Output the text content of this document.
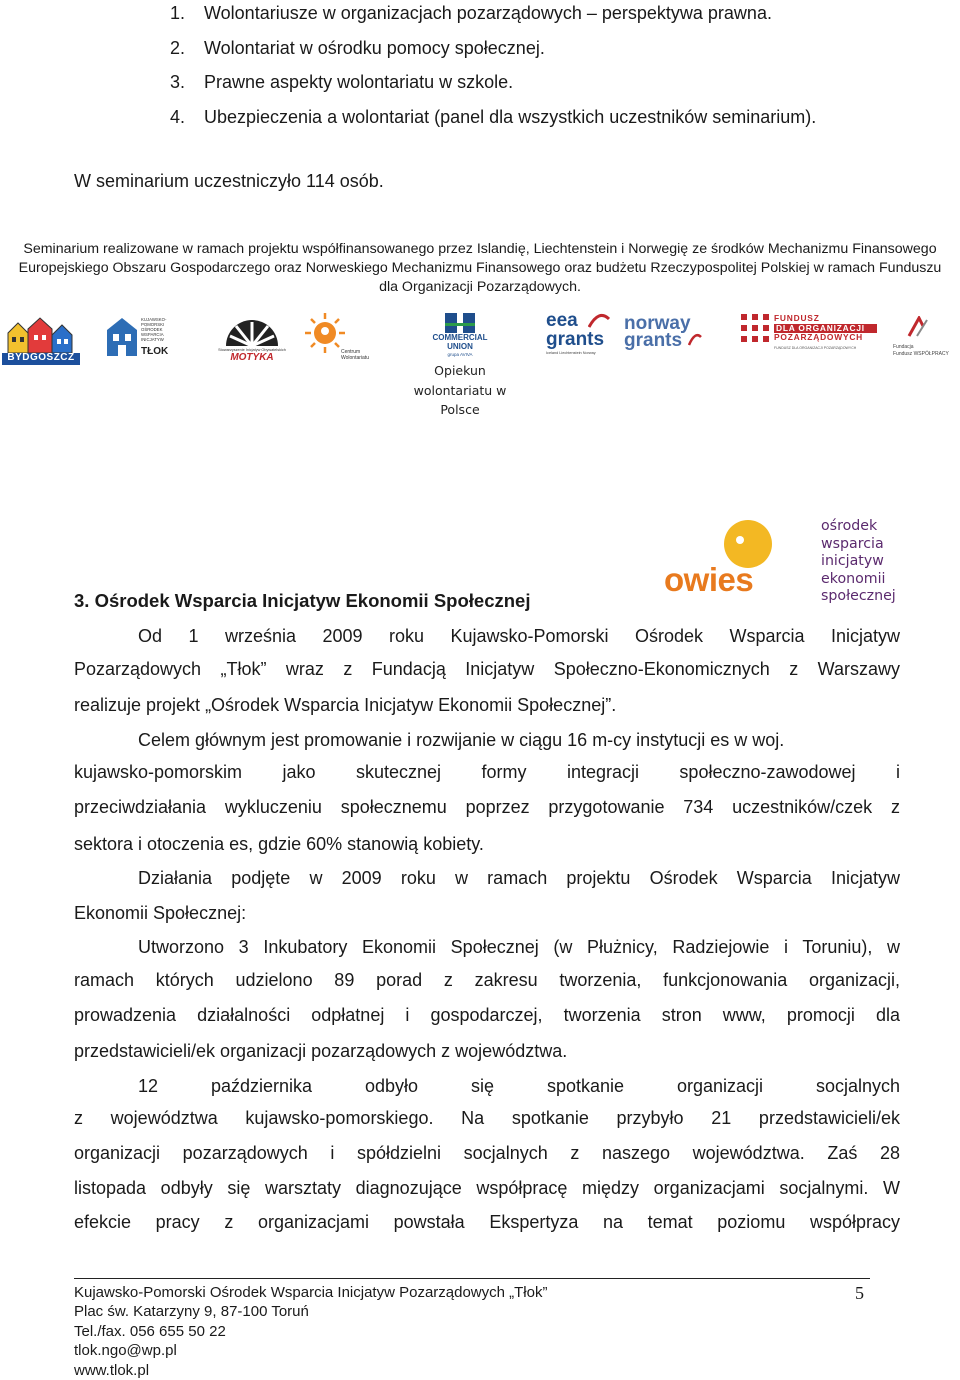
1. Wolontariusze w organizacjach pozarządowych – perspektywa prawna.
2. Wolontariat w ośrodku pomocy społecznej.
3. Prawne aspekty wolontariatu w szkole.
4. Ubezpieczenia a wolontariat (panel dla wszystkich uczestników seminarium).
W seminarium uczestniczyło 114 osób.
Seminarium realizowane w ramach projektu współfinansowanego przez Islandię, Liechtenstein i Norwegię ze środków Mechanizmu Finansowego
Europejskiego Obszaru Gospodarczego oraz Norweskiego Mechanizmu Finansowego oraz budżetu Rzeczypospolitej Polskiej w ramach Funduszu
dla Organizacji Pozarządowych.
BYDGOSZCZ
KUJAWSKO-
POMORSKI
OŚRODEK
WSPARCIA
INICJATYW
TŁOK	Stowarzyszenie Inicjatyw Obywatelskich
MOTYKA	Centrum
Wolontariatu
COMMERCIAL
UNION
grupa AVIVA
Opiekun
wolontariatu w
Polsce
eea
grants
Iceland Liechtenstein Norway
norway
grants
FUNDUSZ
DLA ORGANIZACJI
POZARZĄDOWYCH
FUNDUSZ DLA ORGANIZACJI POZARZĄDOWYCH	Fundacja
Fundusz WSPÓŁPRACY
owies
ośrodek
wsparcia
inicjatyw
ekonomii
społecznej
3. Ośrodek Wsparcia Inicjatyw Ekonomii Społecznej
Od 1 września 2009 roku Kujawsko-Pomorski Ośrodek Wsparcia Inicjatyw
Pozarządowych „Tłok” wraz z Fundacją Inicjatyw Społeczno-Ekonomicznych z Warszawy
realizuje projekt „Ośrodek Wsparcia Inicjatyw Ekonomii Społecznej”.
Celem głównym jest promowanie i rozwijanie w ciągu 16 m-cy instytucji es w woj.
kujawsko-pomorskim jako skutecznej formy integracji społeczno-zawodowej i
przeciwdziałania wykluczeniu społecznemu poprzez przygotowanie 734 uczestników/czek z
sektora i otoczenia es, gdzie 60% stanowią kobiety.
Działania podjęte w 2009 roku w ramach projektu Ośrodek Wsparcia Inicjatyw
Ekonomii Społecznej:
Utworzono 3 Inkubatory Ekonomii Społecznej (w Płużnicy, Radziejowie i Toruniu), w
ramach których udzielono 89 porad z zakresu tworzenia, funkcjonowania organizacji,
prowadzenia działalności odpłatnej i gospodarczej, tworzenia stron www, promocji dla
przedstawicieli/ek organizacji pozarządowych z województwa.
12 października odbyło się spotkanie organizacji socjalnych
z województwa kujawsko-pomorskiego. Na spotkanie przybyło 21 przedstawicieli/ek
organizacji pozarządowych i spółdzielni socjalnych z naszego województwa. Zaś 28
listopada odbyły się warsztaty diagnozujące współpracę między organizacjami socjalnymi. W
efekcie pracy z organizacjami powstała Ekspertyza na temat poziomu współpracy
Kujawsko-Pomorski Ośrodek Wsparcia Inicjatyw Pozarządowych „Tłok”
Plac św. Katarzyny 9, 87-100 Toruń
Tel./fax. 056 655 50 22
tlok.ngo@wp.pl
www.tlok.pl
5
